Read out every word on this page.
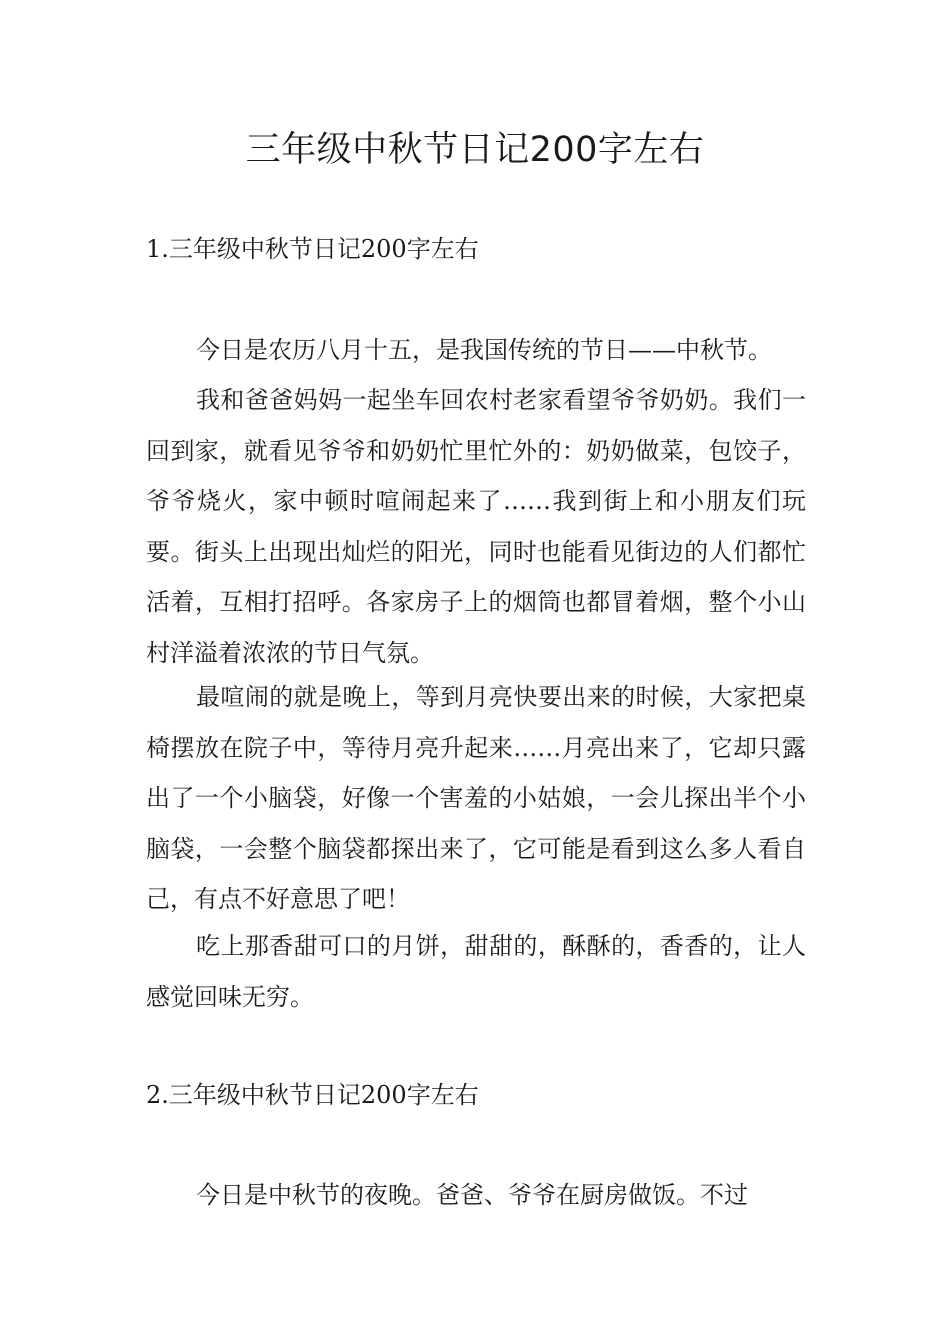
三年级中秋节日记200字左右
1.三年级中秋节日记200字左右

今日是农历八月十五，是我国传统的节日——中秋节。

我和爸爸妈妈一起坐车回农村老家看望爷爷奶奶。我们一回到家，就看见爷爷和奶奶忙里忙外的：奶奶做菜，包饺子，爷爷烧火，家中顿时喧闹起来了……我到街上和小朋友们玩要。街头上出现出灿烂的阳光，同时也能看见街边的人们都忙活着，互相打招呼。各家房子上的烟筒也都冒着烟，整个小山村洋溢着浓浓的节日气氛。

最喧闹的就是晚上，等到月亮快要出来的时候，大家把桌椅摆放在院子中，等待月亮升起来……月亮出来了，它却只露出了一个小脑袋，好像一个害羞的小姑娘，一会儿探出半个小脑袋，一会整个脑袋都探出来了，它可能是看到这么多人看自己，有点不好意思了吧！

吃上那香甜可口的月饼，甜甜的，酥酥的，香香的，让人感觉回味无穷。

2.三年级中秋节日记200字左右

今日是中秋节的夜晚。爸爸、爷爷在厨房做饭。不过
